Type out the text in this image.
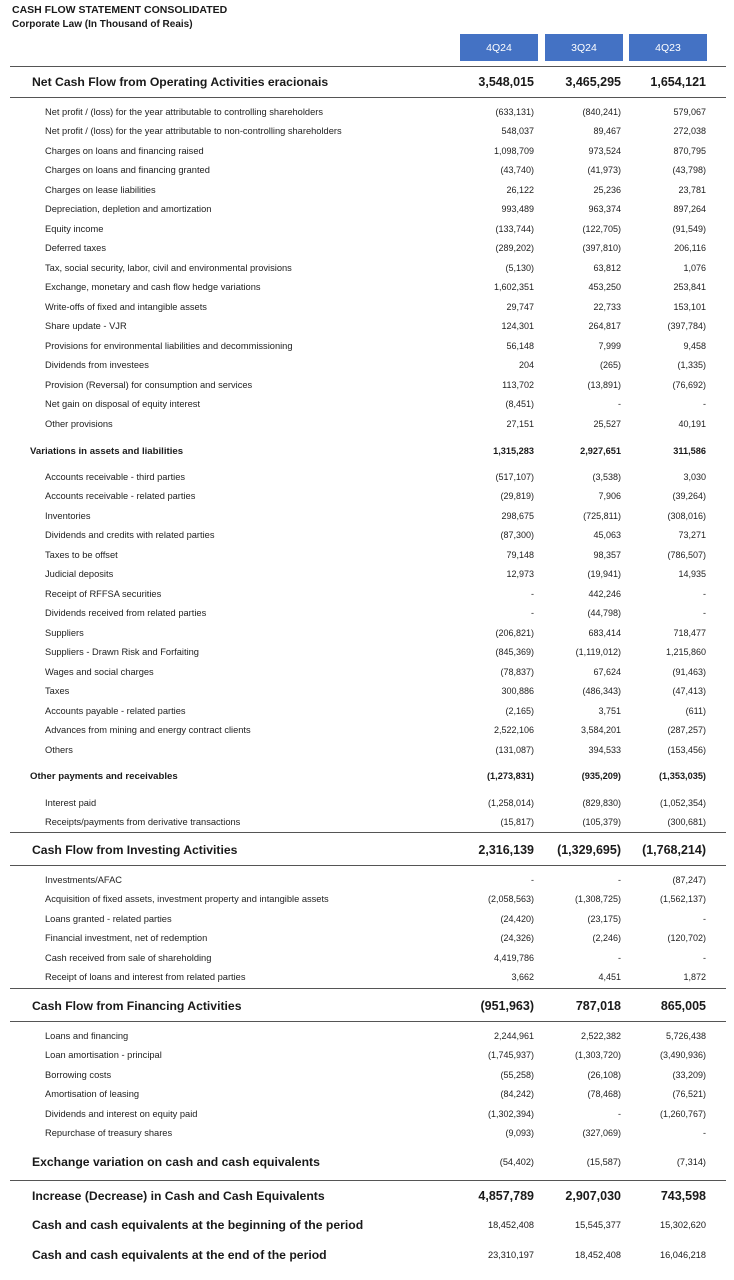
CASH FLOW STATEMENT CONSOLIDATED
Corporate Law (In Thousand of Reais)
4Q24	3Q24	4Q23
Net Cash Flow from Operating Activities eracionais	3,548,015	3,465,295 1,654,121
Net profit / (loss) for the year attributable to controlling shareholders	(633,131)	(840,241)	579,067
Net profit / (loss) for the year attributable to non-controlling shareholders	548,037	89,467	272,038
Charges on loans and financing raised	1,098,709	973,524	870,795
Charges on loans and financing granted	(43,740)	(41,973)	(43,798)
Charges on lease liabilities	26,122	25,236	23,781
Depreciation, depletion and amortization	993,489	963,374	897,264
Equity income	(133,744)	(122,705)	(91,549)
Deferred taxes	(289,202)	(397,810)	206,116
Tax, social security, labor, civil and environmental provisions	(5,130)	63,812	1,076
Exchange, monetary and cash flow hedge variations	1,602,351	453,250	253,841
Write-offs of fixed and intangible assets	29,747	22,733	153,101
Share update - VJR	124,301	264,817	(397,784)
Provisions for environmental liabilities and decommissioning	56,148	7,999	9,458
Dividends from investees	204	(265)	(1,335)
Provision (Reversal) for consumption and services	113,702	(13,891)	(76,692)
Net gain on disposal of equity interest	(8,451)	-	-
Other provisions	27,151	25,527	40,191
Variations in assets and liabilities	1,315,283	2,927,651	311,586
Accounts receivable - third parties	(517,107)	(3,538)	3,030
Accounts receivable - related parties	(29,819)	7,906	(39,264)
Inventories	298,675	(725,811)	(308,016)
Dividends and credits with related parties	(87,300)	45,063	73,271
Taxes to be offset	79,148	98,357	(786,507)
Judicial deposits	12,973	(19,941)	14,935
Receipt of RFFSA securities	-	442,246	-
Dividends received from related parties	-	(44,798)	-
Suppliers	(206,821)	683,414	718,477
Suppliers - Drawn Risk and Forfaiting	(845,369)	(1,119,012)	1,215,860
Wages and social charges	(78,837)	67,624	(91,463)
Taxes	300,886	(486,343)	(47,413)
Accounts payable - related parties	(2,165)	3,751	(611)
Advances from mining and energy contract clients	2,522,106	3,584,201	(287,257)
Others	(131,087)	394,533	(153,456)
Other payments and receivables	(1,273,831)	(935,209)	(1,353,035)
Interest paid	(1,258,014)	(829,830)	(1,052,354)
Receipts/payments from derivative transactions	(15,817)	(105,379)	(300,681)
Cash Flow from Investing Activities	2,316,139 (1,329,695) (1,768,214)
Investments/AFAC	-	-	(87,247)
Acquisition of fixed assets, investment property and intangible assets	(2,058,563)	(1,308,725)	(1,562,137)
Loans granted - related parties	(24,420)	(23,175)	-
Financial investment, net of redemption	(24,326)	(2,246)	(120,702)
Cash received from sale of shareholding	4,419,786	-	-
Receipt of loans and interest from related parties	3,662	4,451	1,872
Cash Flow from Financing Activities	(951,963)	787,018	865,005
Loans and financing	2,244,961	2,522,382	5,726,438
Loan amortisation - principal	(1,745,937)	(1,303,720)	(3,490,936)
Borrowing costs	(55,258)	(26,108)	(33,209)
Amortisation of leasing	(84,242)	(78,468)	(76,521)
Dividends and interest on equity paid	(1,302,394)	-	(1,260,767)
Repurchase of treasury shares	(9,093)	(327,069)	-
Exchange variation on cash and cash equivalents	(54,402)	(15,587)	(7,314)
Increase (Decrease) in Cash and Cash Equivalents	4,857,789	2,907,030	743,598
Cash and cash equivalents at the beginning of the period	18,452,408	15,545,377	15,302,620
Cash and cash equivalents at the end of the period	23,310,197	18,452,408	16,046,218
